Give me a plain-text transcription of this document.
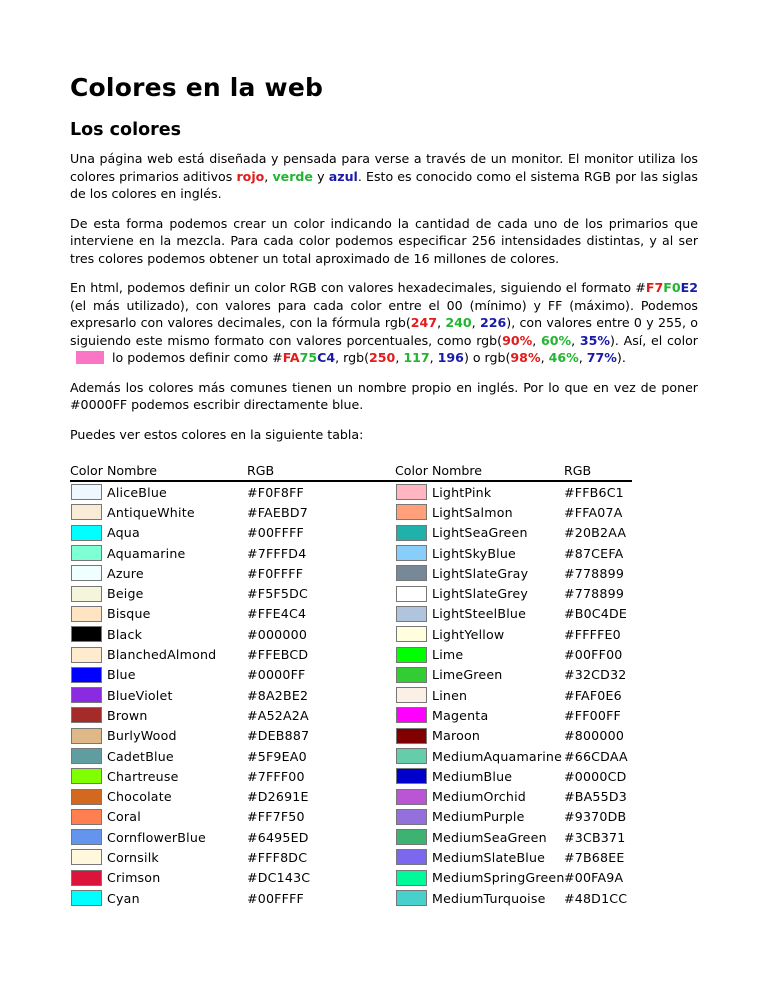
Colores en la web
Los colores

Una página web está diseñada y pensada para verse a través de un monitor. El monitor utiliza los colores primarios aditivos rojo, verde y azul. Esto es conocido como el sistema RGB por las siglas de los colores en inglés.

De esta forma podemos crear un color indicando la cantidad de cada uno de los primarios que interviene en la mezcla. Para cada color podemos especificar 256 intensidades distintas, y al ser tres colores podemos obtener un total aproximado de 16 millones de colores.

En html, podemos definir un color RGB con valores hexadecimales, siguiendo el formato #F7F0E2 (el más utilizado), con valores para cada color entre el 00 (mínimo) y FF (máximo). Podemos expresarlo con valores decimales, con la fórmula rgb(247, 240, 226), con valores entre 0 y 255, o siguiendo este mismo formato con valores porcentuales, como rgb(90%, 60%, 35%). Así, el colorlo podemos definir como #FA75C4, rgb(250, 117, 196) o rgb(98%, 46%, 77%).

Además los colores más comunes tienen un nombre propio en inglés. Por lo que en vez de poner #0000FF podemos escribir directamente blue.

Puedes ver estos colores en la siguiente tabla:

Color	Nombre	RGB	Color	Nombre	RGB

	AliceBlue	#F0F8FF		LightPink	#FFB6C1

	AntiqueWhite	#FAEBD7		LightSalmon	#FFA07A

	Aqua	#00FFFF		LightSeaGreen	#20B2AA

	Aquamarine	#7FFFD4		LightSkyBlue	#87CEFA

	Azure	#F0FFFF		LightSlateGray	#778899

	Beige	#F5F5DC		LightSlateGrey	#778899

	Bisque	#FFE4C4		LightSteelBlue	#B0C4DE

	Black	#000000		LightYellow	#FFFFE0

	BlanchedAlmond	#FFEBCD		Lime	#00FF00

	Blue	#0000FF		LimeGreen	#32CD32

	BlueViolet	#8A2BE2		Linen	#FAF0E6

	Brown	#A52A2A		Magenta	#FF00FF

	BurlyWood	#DEB887		Maroon	#800000

	CadetBlue	#5F9EA0		MediumAquamarine	#66CDAA

	Chartreuse	#7FFF00		MediumBlue	#0000CD

	Chocolate	#D2691E		MediumOrchid	#BA55D3

	Coral	#FF7F50		MediumPurple	#9370DB

	CornflowerBlue	#6495ED		MediumSeaGreen	#3CB371

	Cornsilk	#FFF8DC		MediumSlateBlue	#7B68EE

	Crimson	#DC143C		MediumSpringGreen	#00FA9A

	Cyan	#00FFFF		MediumTurquoise	#48D1CC
